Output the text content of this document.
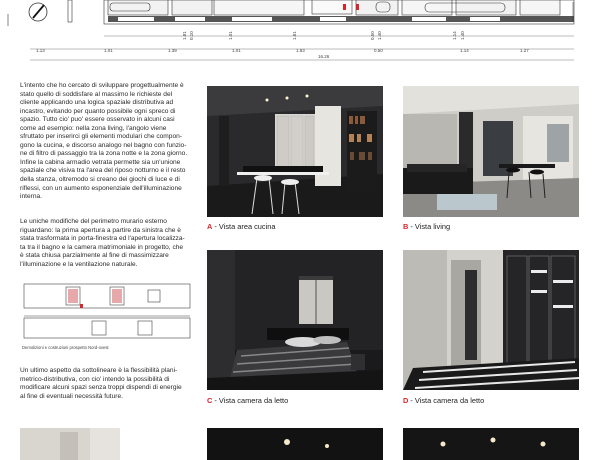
1.81 0.10	1.01	1.81	0.50 1.40	1.14 1.40
1.13	1.01	1.39	1.01	1.83	0.50	1.14	1.27
16.26
L'intento che ho cercato di sviluppare progettualmente è
stato quello di soddisfare al massimo le richieste del
cliente applicando una logica spaziale distributiva ad
incastro, evitando per quanto possibile ogni spreco di
spazio. Tutto cio' puo' essere osservato in alcuni casi
come ad esempio: nella zona living, l'angolo viene
sfruttato per inserirci gli elementi modulari che compon-
gono la cucina, e discorso analogo nel bagno con funzio-
ne di filtro di passaggio tra la zona notte e la zona giorno.
Infine la cabina armadio vetrata permette sia un'unione
spaziale che visiva tra l'area del riposo notturno e il resto
della stanza, oltremodo si creano dei giochi di luce e di
riflessi, con un aumento esponenziale dell'illuminazione
interna.
Le uniche modifiche del perimetro murario esterno
riguardano: la prima apertura a partire da sinistra che è
stata trasformata in porta-finestra ed l'apertura localizza-
ta tra il bagno e la camera matrimoniale in progetto, che
è stata chiusa parzialmente al fine di massimizzare
l'illuminazione e la ventilazione naturale.
Demolizioni e costruzioni prospetto Nord-ovest
Un ultimo aspetto da sottolineare è la flessibilità plani-
metrico-distributiva, con cio' intendo la possibilità di
modificare alcuni spazi senza troppi dispendi di energie
al fine di eventuali necessità future.
A - Vista area cucina	B - Vista living
C - Vista camera da letto	D - Vista camera da letto
